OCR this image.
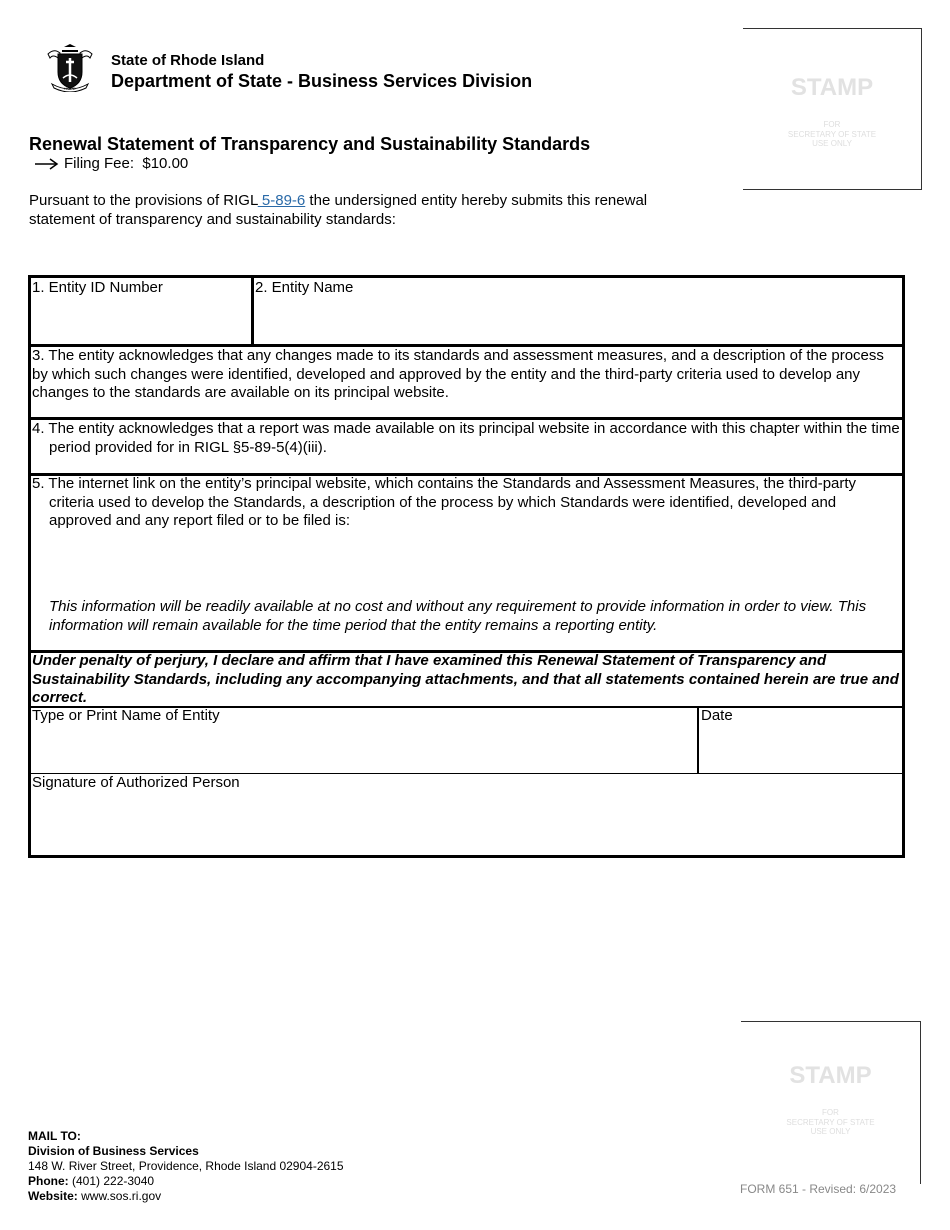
HOPE
State of Rhode Island
Department of State - Business Services Division	STAMP
FOR
SECRETARY OF STATE
USE ONLY
Renewal Statement of Transparency and Sustainability Standards
Filing Fee:
$10.00
Pursuant to the provisions of RIGL 5-89-6 the undersigned entity hereby submits this renewal statement of transparency and sustainability standards:
1. Entity ID Number	2. Entity Name
3. The entity acknowledges that any changes made to its standards and assessment measures, and a description of the process by which such changes were identified, developed and approved by the entity and the third-party criteria used to develop any changes to the standards are available on its principal website.
4. The entity acknowledges that a report was made available on its principal website in accordance with this chapter within the time period provided for in RIGL §5-89-5(4)(iii).
5. The internet link on the entity’s principal website, which contains the Standards and Assessment Measures, the third-party criteria used to develop the Standards, a description of the process by which Standards were identified, developed and approved and any report filed or to be filed is:
This information will be readily available at no cost and without any requirement to provide information in order to view. This information will remain available for the time period that the entity remains a reporting entity.
Under penalty of perjury, I declare and affirm that I have examined this Renewal Statement of Transparency and Sustainability Standards, including any accompanying attachments, and that all statements contained herein are true and correct.
Type or Print Name of Entity	Date
Signature of Authorized Person
STAMP
FOR
SECRETARY OF STATE
USE ONLY
MAIL TO:
Division of Business Services
148 W. River Street, Providence, Rhode Island 02904-2615
Phone: (401) 222-3040
Website: www.sos.ri.gov	FORM 651 - Revised: 6/2023
